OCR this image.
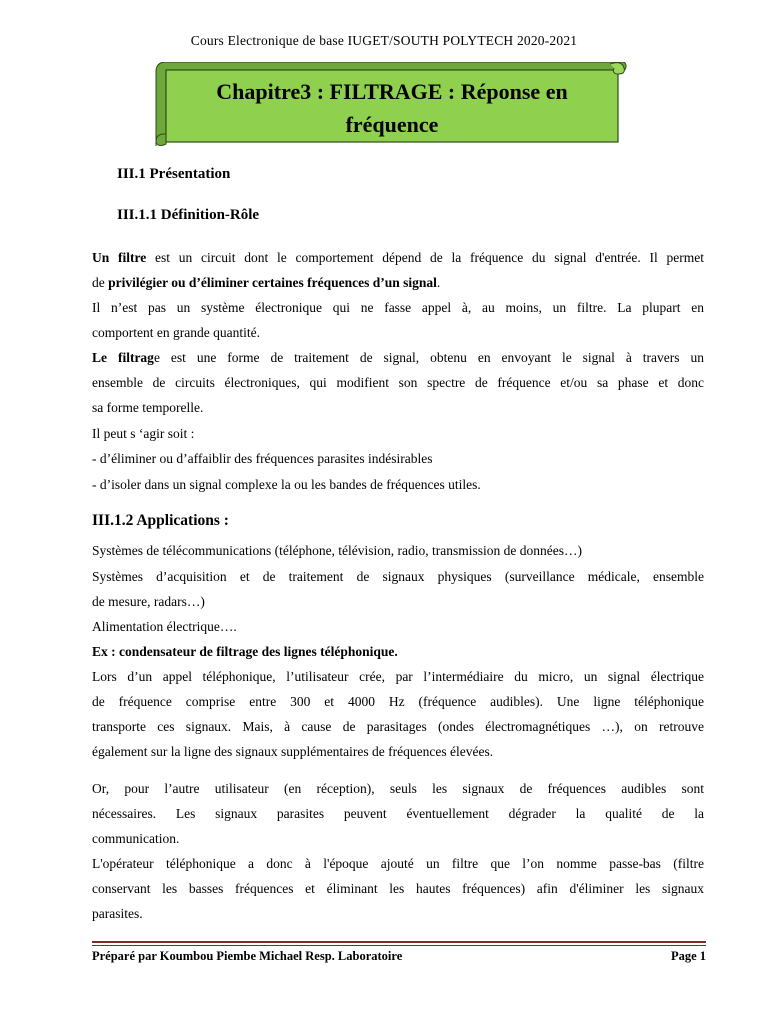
Cours Electronique de base IUGET/SOUTH POLYTECH 2020-2021
Chapitre3 : FILTRAGE : Réponse en
fréquence
III.1 Présentation
III.1.1 Définition-Rôle
Un filtre est un circuit dont le comportement dépend de la fréquence du signal d'entrée. Il permet
de privilégier ou d’éliminer certaines fréquences d’un signal.
Il n’est pas un système électronique qui ne fasse appel à, au moins, un filtre. La plupart en
comportent en grande quantité.
Le filtrage est une forme de traitement de signal, obtenu en envoyant le signal à travers un
ensemble de circuits électroniques, qui modifient son spectre de fréquence et/ou sa phase et donc
sa forme temporelle.
Il peut s ‘agir soit :
- d’éliminer ou d’affaiblir des fréquences parasites indésirables
- d’isoler dans un signal complexe la ou les bandes de fréquences utiles.
III.1.2 Applications :
Systèmes de télécommunications (téléphone, télévision, radio, transmission de données…)
Systèmes d’acquisition et de traitement de signaux physiques (surveillance médicale, ensemble
de mesure, radars…)
Alimentation électrique….
Ex : condensateur de filtrage des lignes téléphonique.
Lors d’un appel téléphonique, l’utilisateur crée, par l’intermédiaire du micro, un signal électrique
de fréquence comprise entre 300 et 4000 Hz (fréquence audibles). Une ligne téléphonique
transporte ces signaux. Mais, à cause de parasitages (ondes électromagnétiques …), on retrouve
également sur la ligne des signaux supplémentaires de fréquences élevées.
Or, pour l’autre utilisateur (en réception), seuls les signaux de fréquences audibles sont
nécessaires. Les signaux parasites peuvent éventuellement dégrader la qualité de la
communication.
L'opérateur téléphonique a donc à l'époque ajouté un filtre que l’on nomme passe-bas (filtre
conservant les basses fréquences et éliminant les hautes fréquences) afin d'éliminer les signaux
parasites.
Préparé par Koumbou Piembe Michael Resp. Laboratoire	Page 1
